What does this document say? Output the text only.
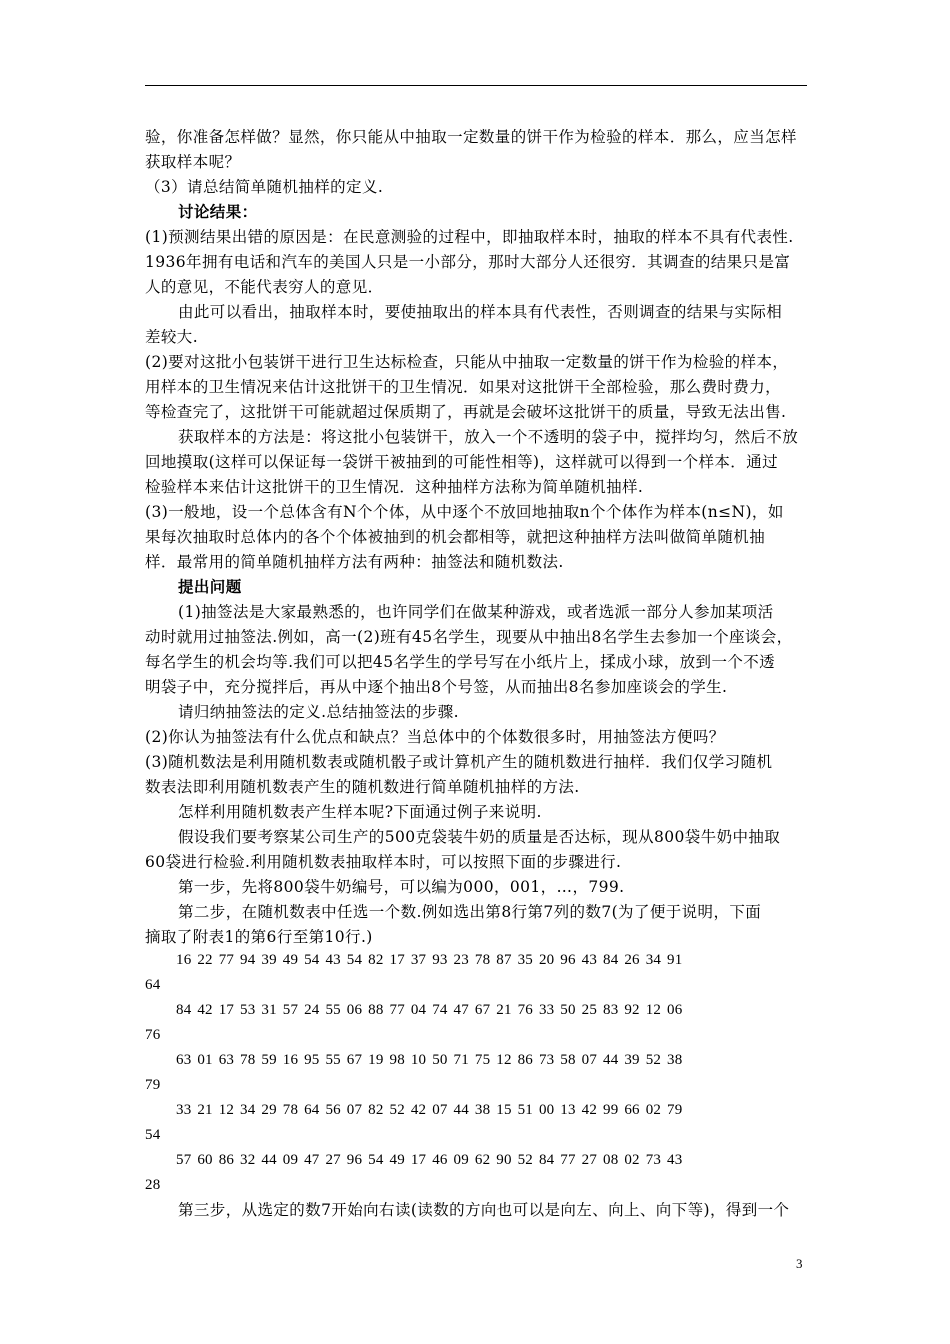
验，你准备怎样做？显然，你只能从中抽取一定数量的饼干作为检验的样本．那么，应当怎样
获取样本呢？
（3）请总结简单随机抽样的定义.
讨论结果：
(1)预测结果出错的原因是：在民意测验的过程中，即抽取样本时，抽取的样本不具有代表性.
1936年拥有电话和汽车的美国人只是一小部分，那时大部分人还很穷．其调查的结果只是富
人的意见，不能代表穷人的意见．
由此可以看出，抽取样本时，要使抽取出的样本具有代表性，否则调查的结果与实际相
差较大.
(2)要对这批小包装饼干进行卫生达标检查，只能从中抽取一定数量的饼干作为检验的样本，
用样本的卫生情况来估计这批饼干的卫生情况．如果对这批饼干全部检验，那么费时费力，
等检查完了，这批饼干可能就超过保质期了，再就是会破坏这批饼干的质量，导致无法出售.
获取样本的方法是：将这批小包装饼干，放入一个不透明的袋子中，搅拌均匀，然后不放
回地摸取(这样可以保证每一袋饼干被抽到的可能性相等)，这样就可以得到一个样本．通过
检验样本来估计这批饼干的卫生情况．这种抽样方法称为简单随机抽样.
(3)一般地，设一个总体含有N个个体，从中逐个不放回地抽取n个个体作为样本(n≤N)，如
果每次抽取时总体内的各个个体被抽到的机会都相等，就把这种抽样方法叫做简单随机抽
样．最常用的简单随机抽样方法有两种：抽签法和随机数法.
提出问题
(1)抽签法是大家最熟悉的，也许同学们在做某种游戏，或者选派一部分人参加某项活
动时就用过抽签法.例如，高一(2)班有45名学生，现要从中抽出8名学生去参加一个座谈会，
每名学生的机会均等.我们可以把45名学生的学号写在小纸片上，揉成小球，放到一个不透
明袋子中，充分搅拌后，再从中逐个抽出8个号签，从而抽出8名参加座谈会的学生.
请归纳抽签法的定义.总结抽签法的步骤.
(2)你认为抽签法有什么优点和缺点？当总体中的个体数很多时，用抽签法方便吗？
(3)随机数法是利用随机数表或随机骰子或计算机产生的随机数进行抽样．我们仅学习随机
数表法即利用随机数表产生的随机数进行简单随机抽样的方法.
怎样利用随机数表产生样本呢?下面通过例子来说明.
假设我们要考察某公司生产的500克袋装牛奶的质量是否达标，现从800袋牛奶中抽取
60袋进行检验.利用随机数表抽取样本时，可以按照下面的步骤进行.
第一步，先将800袋牛奶编号，可以编为000，001，…，799.
第二步，在随机数表中任选一个数.例如选出第8行第7列的数7(为了便于说明，下面
摘取了附表1的第6行至第10行.)
16 22 77 94 39 49 54 43 54 82 17 37 93 23 78 87 35 20 96 43 84 26 34 91
64
84 42 17 53 31 57 24 55 06 88 77 04 74 47 67 21 76 33 50 25 83 92 12 06
76
63 01 63 78 59 16 95 55 67 19 98 10 50 71 75 12 86 73 58 07 44 39 52 38
79
33 21 12 34 29 78 64 56 07 82 52 42 07 44 38 15 51 00 13 42 99 66 02 79
54
57 60 86 32 44 09 47 27 96 54 49 17 46 09 62 90 52 84 77 27 08 02 73 43
28
第三步，从选定的数7开始向右读(读数的方向也可以是向左、向上、向下等)，得到一个
3
